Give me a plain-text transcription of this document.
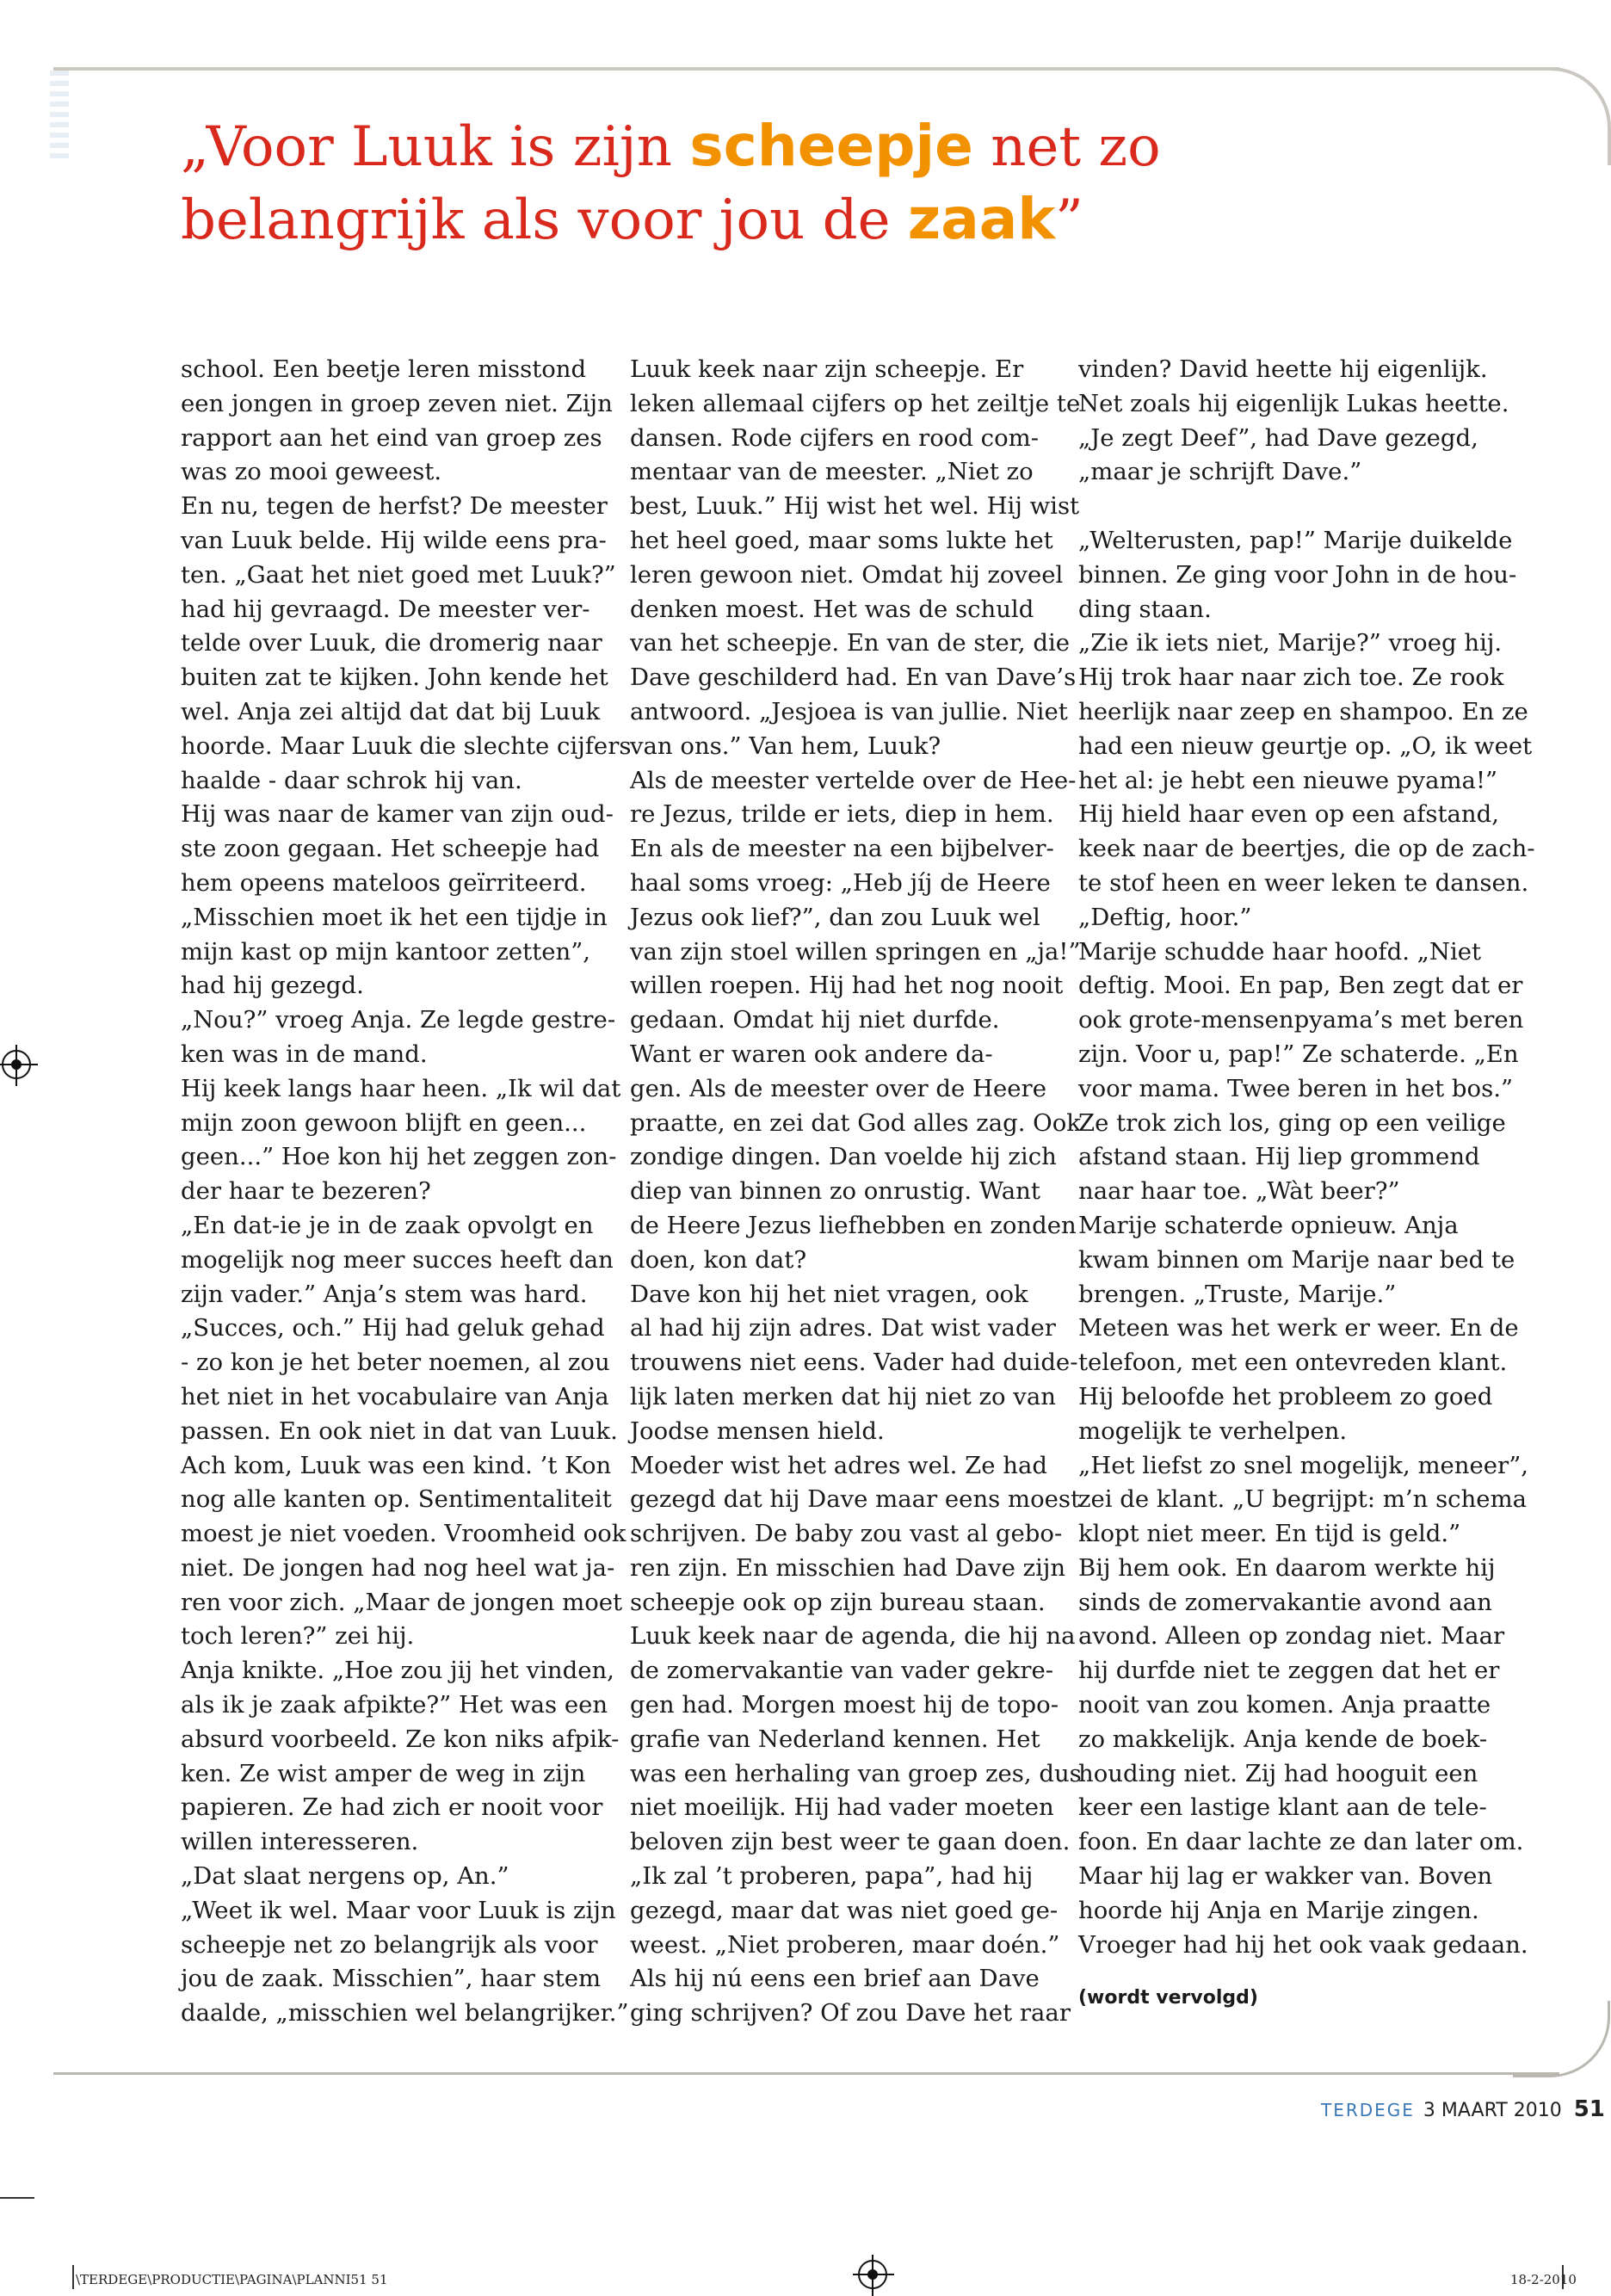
„Voor Luuk is zijn scheepje net zo
belangrijk als voor jou de zaak”

school. Een beetje leren misstond

een jongen in groep zeven niet. Zijn

rapport aan het eind van groep zes

was zo mooi geweest.

En nu, tegen de herfst? De meester

van Luuk belde. Hij wilde eens pra-

ten. „Gaat het niet goed met Luuk?”

had hij gevraagd. De meester ver-

telde over Luuk, die dromerig naar

buiten zat te kijken. John kende het

wel. Anja zei altijd dat dat bij Luuk

hoorde. Maar Luuk die slechte cijfers

haalde - daar schrok hij van.

Hij was naar de kamer van zijn oud-

ste zoon gegaan. Het scheepje had

hem opeens mateloos geïrriteerd.

„Misschien moet ik het een tijdje in

mijn kast op mijn kantoor zetten”,

had hij gezegd.

„Nou?” vroeg Anja. Ze legde gestre-

ken was in de mand.

Hij keek langs haar heen. „Ik wil dat

mijn zoon gewoon blijft en geen...

geen...” Hoe kon hij het zeggen zon-

der haar te bezeren?

„En dat-ie je in de zaak opvolgt en

mogelijk nog meer succes heeft dan

zijn vader.” Anja’s stem was hard.

„Succes, och.” Hij had geluk gehad

- zo kon je het beter noemen, al zou

het niet in het vocabulaire van Anja

passen. En ook niet in dat van Luuk.

Ach kom, Luuk was een kind. ’t Kon

nog alle kanten op. Sentimentaliteit

moest je niet voeden. Vroomheid ook

niet. De jongen had nog heel wat ja-

ren voor zich. „Maar de jongen moet

toch leren?” zei hij.

Anja knikte. „Hoe zou jij het vinden,

als ik je zaak afpikte?” Het was een

absurd voorbeeld. Ze kon niks afpik-

ken. Ze wist amper de weg in zijn

papieren. Ze had zich er nooit voor

willen interesseren.

„Dat slaat nergens op, An.”

„Weet ik wel. Maar voor Luuk is zijn

scheepje net zo belangrijk als voor

jou de zaak. Misschien”, haar stem

daalde, „misschien wel belangrijker.”

Luuk keek naar zijn scheepje. Er

leken allemaal cijfers op het zeiltje te

dansen. Rode cijfers en rood com-

mentaar van de meester. „Niet zo

best, Luuk.” Hij wist het wel. Hij wist

het heel goed, maar soms lukte het

leren gewoon niet. Omdat hij zoveel

denken moest. Het was de schuld

van het scheepje. En van de ster, die

Dave geschilderd had. En van Dave’s

antwoord. „Jesjoea is van jullie. Niet

van ons.” Van hem, Luuk?

Als de meester vertelde over de Hee-

re Jezus, trilde er iets, diep in hem.

En als de meester na een bijbelver-

haal soms vroeg: „Heb jíj de Heere

Jezus ook lief?”, dan zou Luuk wel

van zijn stoel willen springen en „ja!”

willen roepen. Hij had het nog nooit

gedaan. Omdat hij niet durfde.

Want er waren ook andere da-

gen. Als de meester over de Heere

praatte, en zei dat God alles zag. Ook

zondige dingen. Dan voelde hij zich

diep van binnen zo onrustig. Want

de Heere Jezus liefhebben en zonden

doen, kon dat?

Dave kon hij het niet vragen, ook

al had hij zijn adres. Dat wist vader

trouwens niet eens. Vader had duide-

lijk laten merken dat hij niet zo van

Joodse mensen hield.

Moeder wist het adres wel. Ze had

gezegd dat hij Dave maar eens moest

schrijven. De baby zou vast al gebo-

ren zijn. En misschien had Dave zijn

scheepje ook op zijn bureau staan.

Luuk keek naar de agenda, die hij na

de zomervakantie van vader gekre-

gen had. Morgen moest hij de topo-

grafie van Nederland kennen. Het

was een herhaling van groep zes, dus

niet moeilijk. Hij had vader moeten

beloven zijn best weer te gaan doen.

„Ik zal ’t proberen, papa”, had hij

gezegd, maar dat was niet goed ge-

weest. „Niet proberen, maar doén.”

Als hij nú eens een brief aan Dave

ging schrijven? Of zou Dave het raar

vinden? David heette hij eigenlijk.

Net zoals hij eigenlijk Lukas heette.

„Je zegt Deef”, had Dave gezegd,

„maar je schrijft Dave.”

„Welterusten, pap!” Marije duikelde

binnen. Ze ging voor John in de hou-

ding staan.

„Zie ik iets niet, Marije?” vroeg hij.

Hij trok haar naar zich toe. Ze rook

heerlijk naar zeep en shampoo. En ze

had een nieuw geurtje op. „O, ik weet

het al: je hebt een nieuwe pyama!”

Hij hield haar even op een afstand,

keek naar de beertjes, die op de zach-

te stof heen en weer leken te dansen.

„Deftig, hoor.”

Marije schudde haar hoofd. „Niet

deftig. Mooi. En pap, Ben zegt dat er

ook grote-mensenpyama’s met beren

zijn. Voor u, pap!” Ze schaterde. „En

voor mama. Twee beren in het bos.”

Ze trok zich los, ging op een veilige

afstand staan. Hij liep grommend

naar haar toe. „Wàt beer?”

Marije schaterde opnieuw. Anja

kwam binnen om Marije naar bed te

brengen. „Truste, Marije.”

Meteen was het werk er weer. En de

telefoon, met een ontevreden klant.

Hij beloofde het probleem zo goed

mogelijk te verhelpen.

„Het liefst zo snel mogelijk, meneer”,

zei de klant. „U begrijpt: m’n schema

klopt niet meer. En tijd is geld.”

Bij hem ook. En daarom werkte hij

sinds de zomervakantie avond aan

avond. Alleen op zondag niet. Maar

hij durfde niet te zeggen dat het er

nooit van zou komen. Anja praatte

zo makkelijk. Anja kende de boek-

houding niet. Zij had hooguit een

keer een lastige klant aan de tele-

foon. En daar lachte ze dan later om.

Maar hij lag er wakker van. Boven

hoorde hij Anja en Marije zingen.

Vroeger had hij het ook vaak gedaan.

(wordt vervolgd)

TERDEGE 3 MAART 2010 51
\TERDEGE\PRODUCTIE\PAGINA\PLANNI51 51	18-2-2010
